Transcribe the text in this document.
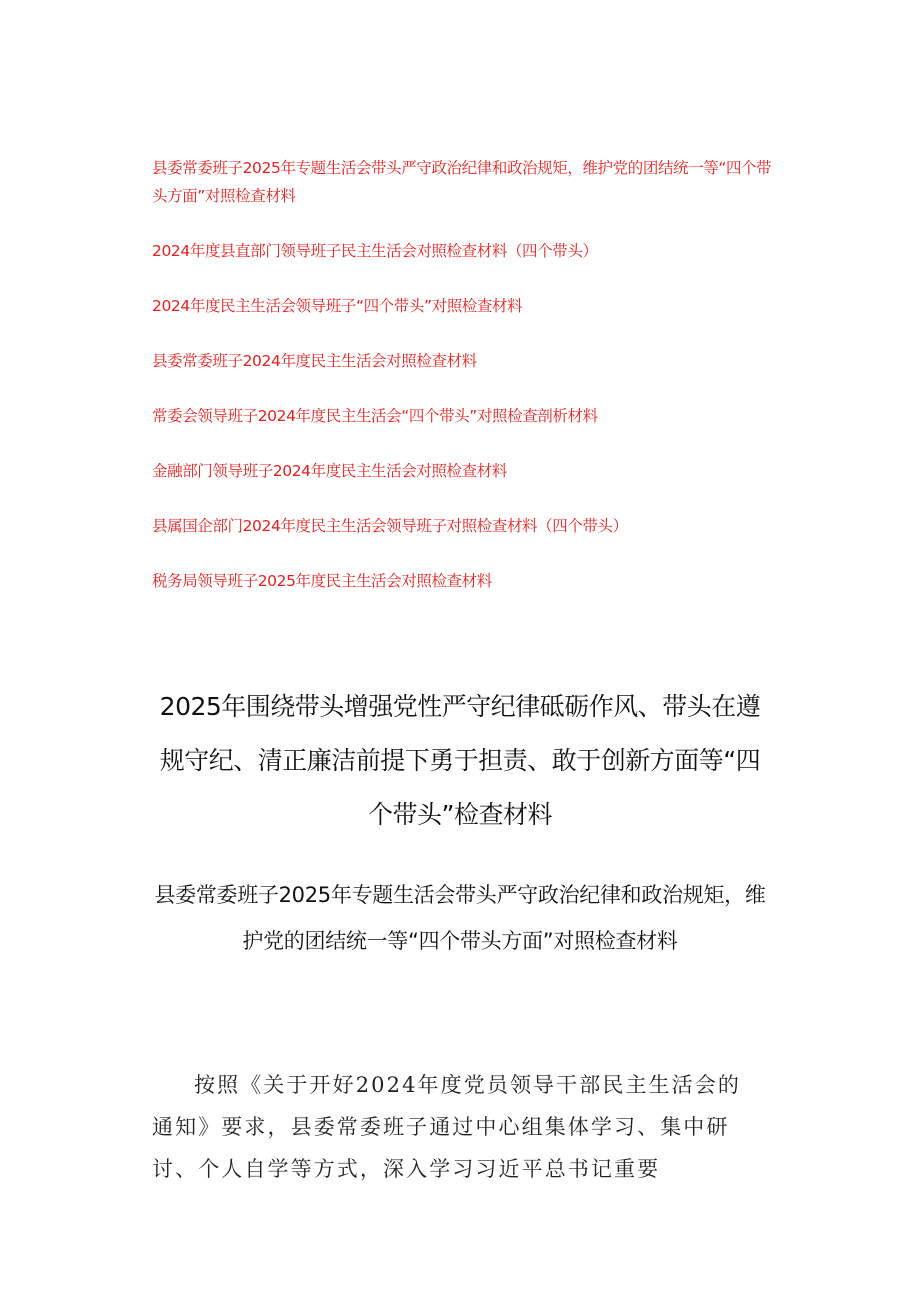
县委常委班子2025年专题生活会带头严守政治纪律和政治规矩，维护党的团结统一等“四个带头方面”对照检查材料
2024年度县直部门领导班子民主生活会对照检查材料（四个带头）
2024年度民主生活会领导班子“四个带头”对照检查材料
县委常委班子2024年度民主生活会对照检查材料
常委会领导班子2024年度民主生活会“四个带头”对照检查剖析材料
金融部门领导班子2024年度民主生活会对照检查材料
县属国企部门2024年度民主生活会领导班子对照检查材料（四个带头）
税务局领导班子2025年度民主生活会对照检查材料
2025年围绕带头增强党性严守纪律砥砺作风、带头在遵规守纪、清正廉洁前提下勇于担责、敢于创新方面等“四个带头”检查材料
县委常委班子2025年专题生活会带头严守政治纪律和政治规矩，维护党的团结统一等“四个带头方面”对照检查材料

按照《关于开好2024年度党员领导干部民主生活会的通知》要求，县委常委班子通过中心组集体学习、集中研讨、个人自学等方式，深入学习习近平总书记重要
